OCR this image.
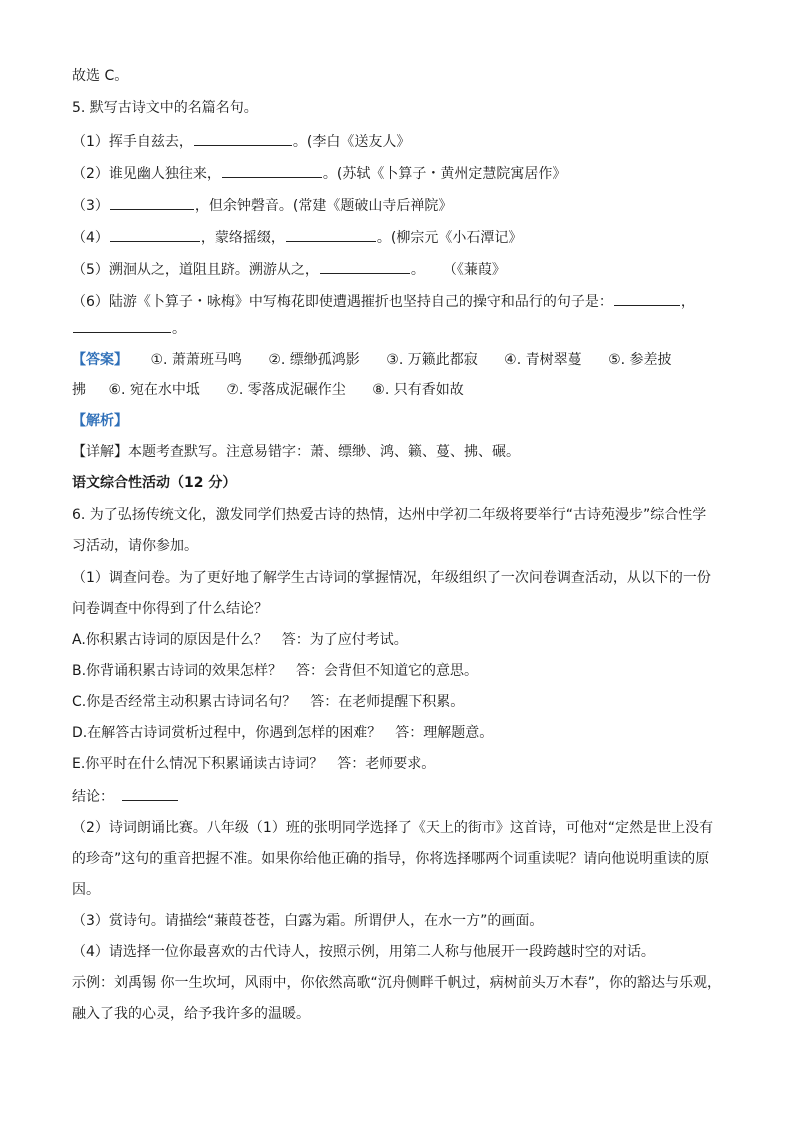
故选 C。
5. 默写古诗文中的名篇名句。
（1）挥手自兹去，	。(李白《送友人》
（2）谁见幽人独往来，	。(苏轼《卜算子・黄州定慧院寓居作》
（3）	，但余钟磬音。(常建《题破山寺后禅院》
（4）	，蒙络摇缀，	。(柳宗元《小石潭记》
（5）溯洄从之，道阻且跻。溯游从之，	。 （《蒹葭》
（6）陆游《卜算子・咏梅》中写梅花即使遭遇摧折也坚持自己的操守和品行的句子是：	，
。
【答案】 ①. 萧萧班马鸣 ②. 缥缈孤鸿影 ③. 万籁此都寂 ④. 青树翠蔓 ⑤. 参差披
拂 ⑥. 宛在水中坻 ⑦. 零落成泥碾作尘 ⑧. 只有香如故
【解析】
【详解】本题考查默写。注意易错字：萧、缥缈、鸿、籁、蔓、拂、碾。
语文综合性活动（12 分）
6. 为了弘扬传统文化，激发同学们热爱古诗的热情，达州中学初二年级将要举行“古诗苑漫步”综合性学
习活动，请你参加。
（1）调查问卷。为了更好地了解学生古诗词的掌握情况，年级组织了一次问卷调查活动，从以下的一份
问卷调查中你得到了什么结论？
A.你积累古诗词的原因是什么？　答：为了应付考试。
B.你背诵积累古诗词的效果怎样？　答：会背但不知道它的意思。
C.你是否经常主动积累古诗词名句？　答：在老师提醒下积累。
D.在解答古诗词赏析过程中，你遇到怎样的困难？　答：理解题意。
E.你平时在什么情况下积累诵读古诗词？　答：老师要求。
结论：
（2）诗词朗诵比赛。八年级（1）班的张明同学选择了《天上的街市》这首诗，可他对“定然是世上没有
的珍奇”这句的重音把握不准。如果你给他正确的指导，你将选择哪两个词重读呢？请向他说明重读的原
因。
（3）赏诗句。请描绘“蒹葭苍苍，白露为霜。所谓伊人，在水一方”的画面。
（4）请选择一位你最喜欢的古代诗人，按照示例，用第二人称与他展开一段跨越时空的对话。
示例：刘禹锡 你一生坎坷，风雨中，你依然高歌“沉舟侧畔千帆过，病树前头万木春”，你的豁达与乐观，
融入了我的心灵，给予我许多的温暖。
